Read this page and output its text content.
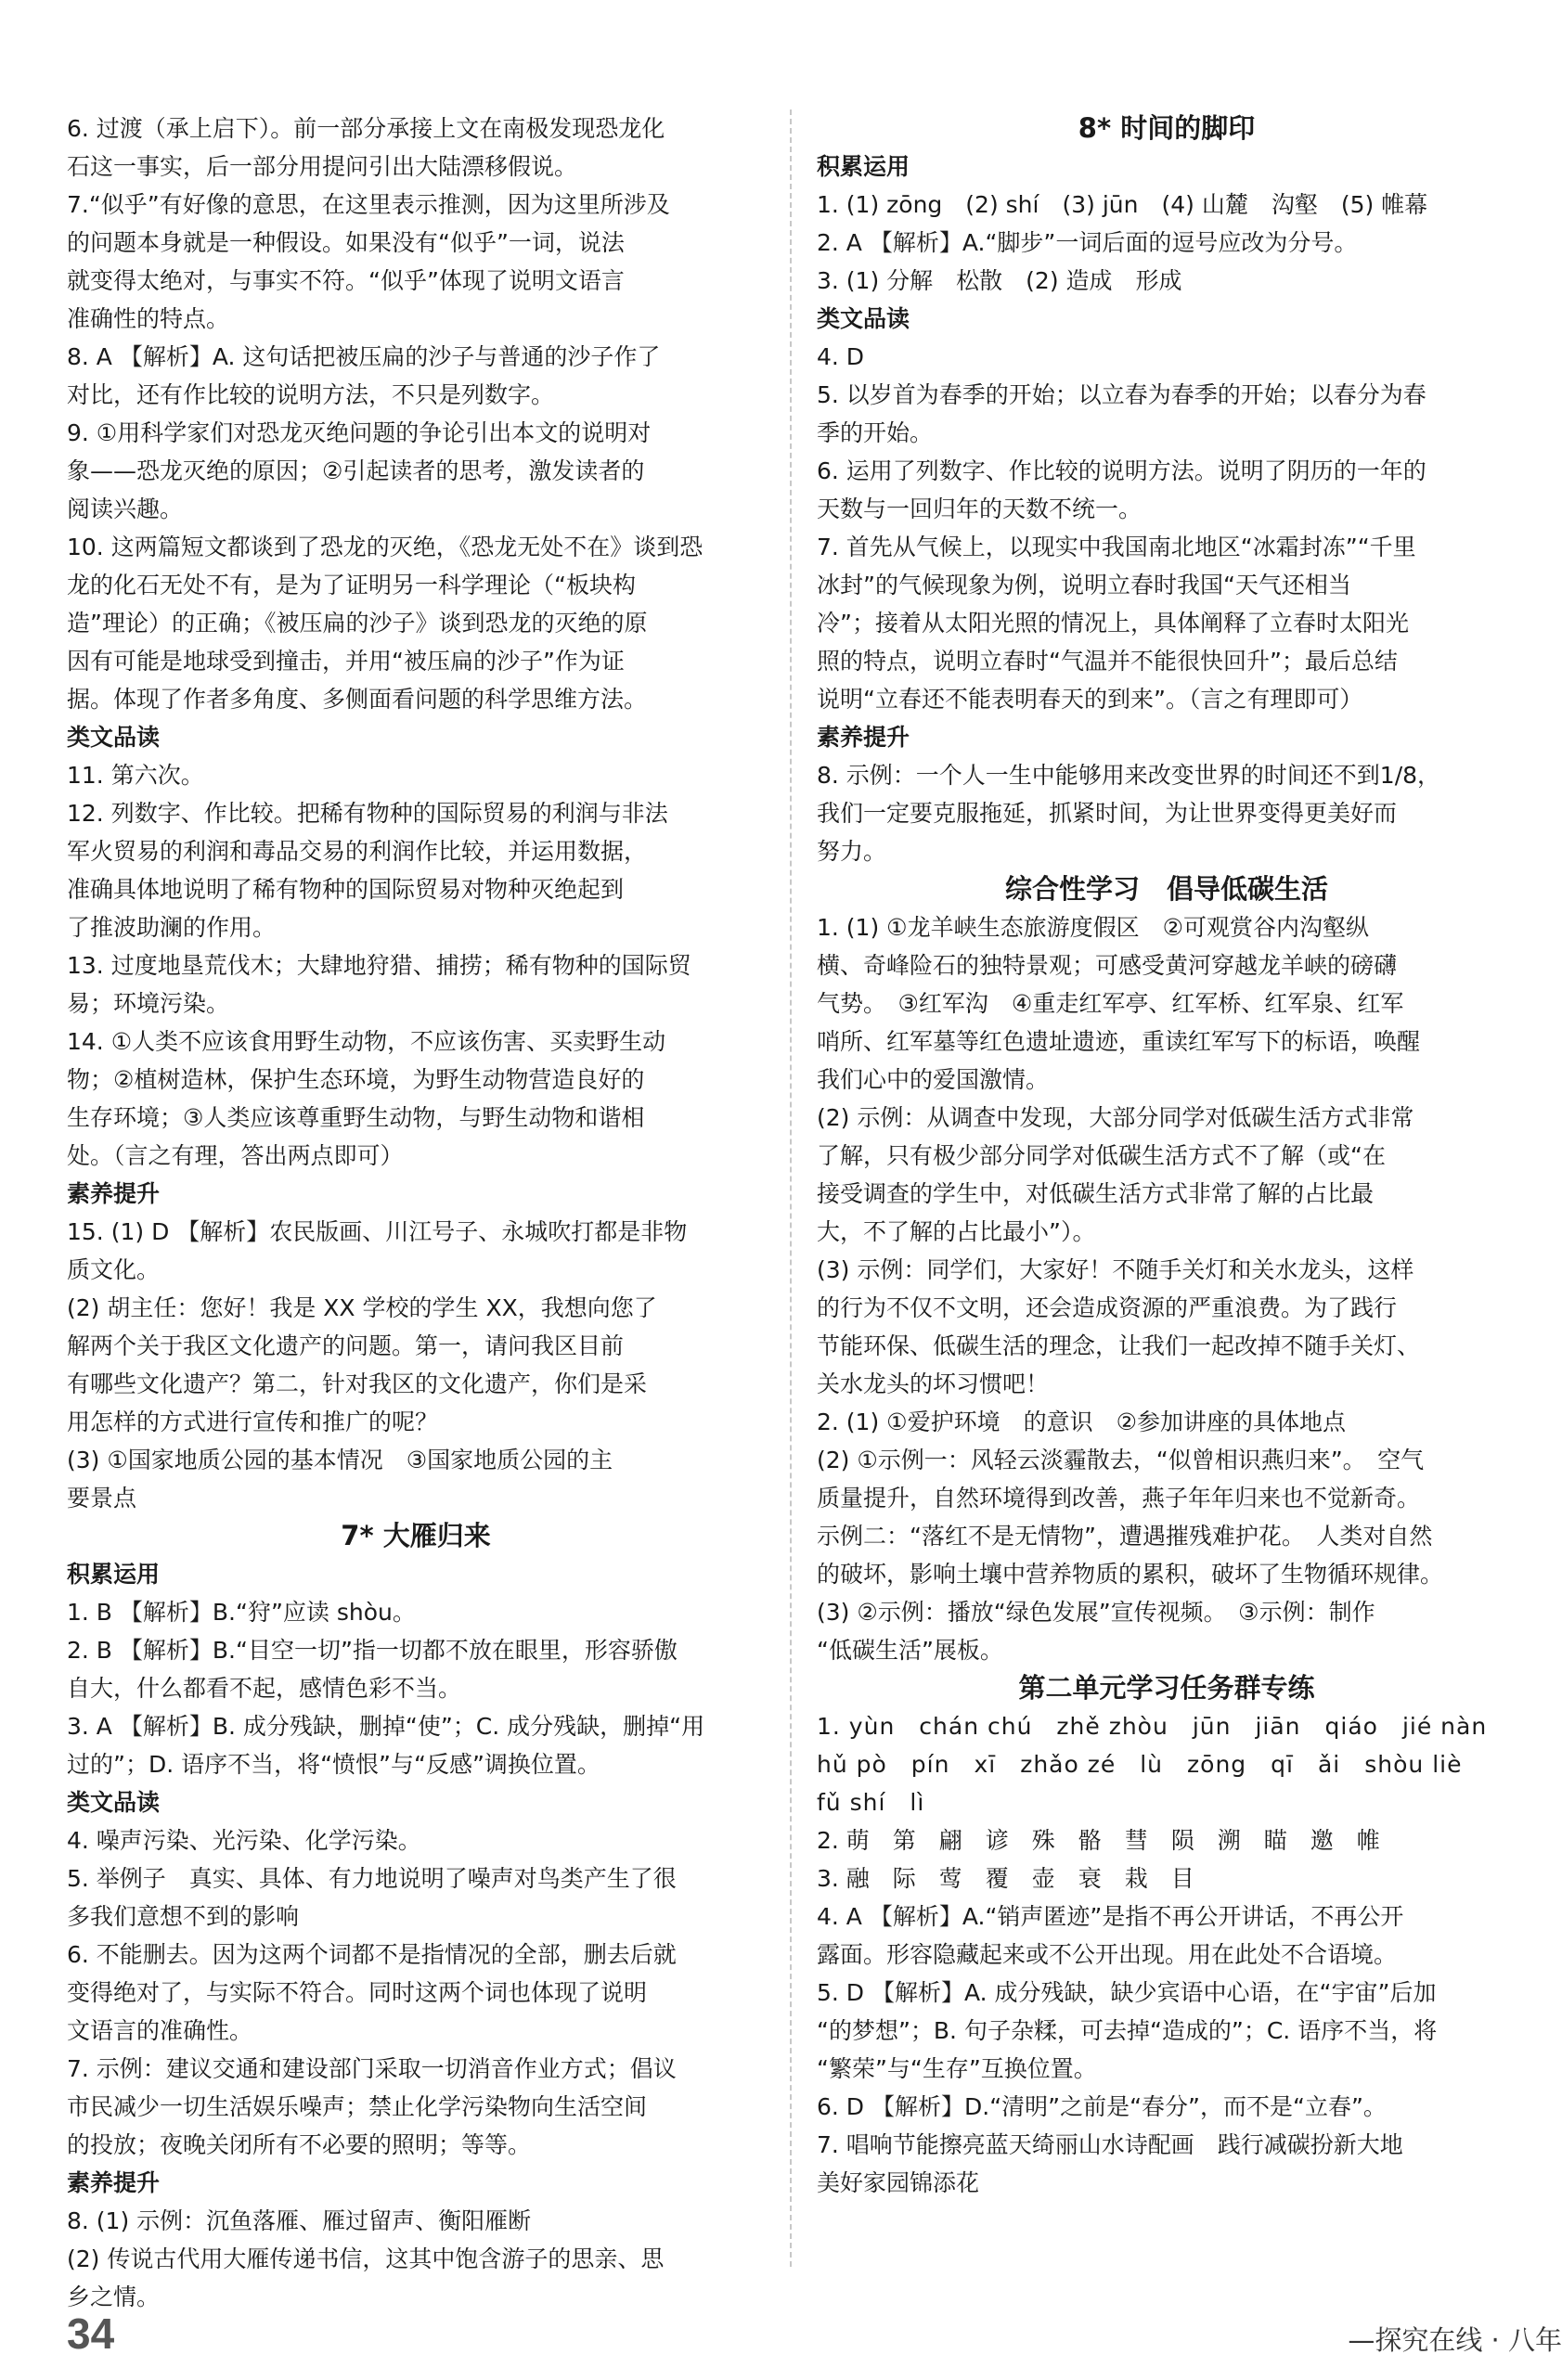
6. 过渡（承上启下）。前一部分承接上文在南极发现恐龙化
石这一事实，后一部分用提问引出大陆漂移假说。
7.“似乎”有好像的意思，在这里表示推测，因为这里所涉及
的问题本身就是一种假设。如果没有“似乎”一词，说法
就变得太绝对，与事实不符。“似乎”体现了说明文语言
准确性的特点。
8. A 【解析】A. 这句话把被压扁的沙子与普通的沙子作了
对比，还有作比较的说明方法，不只是列数字。
9. ①用科学家们对恐龙灭绝问题的争论引出本文的说明对
象——恐龙灭绝的原因；②引起读者的思考，激发读者的
阅读兴趣。
10. 这两篇短文都谈到了恐龙的灭绝，《恐龙无处不在》谈到恐
龙的化石无处不有，是为了证明另一科学理论（“板块构
造”理论）的正确；《被压扁的沙子》谈到恐龙的灭绝的原
因有可能是地球受到撞击，并用“被压扁的沙子”作为证
据。体现了作者多角度、多侧面看问题的科学思维方法。
类文品读
11. 第六次。
12. 列数字、作比较。把稀有物种的国际贸易的利润与非法
军火贸易的利润和毒品交易的利润作比较，并运用数据，
准确具体地说明了稀有物种的国际贸易对物种灭绝起到
了推波助澜的作用。
13. 过度地垦荒伐木；大肆地狩猎、捕捞；稀有物种的国际贸
易；环境污染。
14. ①人类不应该食用野生动物，不应该伤害、买卖野生动
物；②植树造林，保护生态环境，为野生动物营造良好的
生存环境；③人类应该尊重野生动物，与野生动物和谐相
处。（言之有理，答出两点即可）
素养提升
15. (1) D 【解析】农民版画、川江号子、永城吹打都是非物
质文化。
(2) 胡主任：您好！我是 XX 学校的学生 XX，我想向您了
解两个关于我区文化遗产的问题。第一，请问我区目前
有哪些文化遗产？第二，针对我区的文化遗产，你们是采
用怎样的方式进行宣传和推广的呢？
(3) ①国家地质公园的基本情况　③国家地质公园的主
要景点
7* 大雁归来
积累运用
1. B 【解析】B.“狩”应读 shòu。
2. B 【解析】B.“目空一切”指一切都不放在眼里，形容骄傲
自大，什么都看不起，感情色彩不当。
3. A 【解析】B. 成分残缺，删掉“使”；C. 成分残缺，删掉“用
过的”；D. 语序不当，将“愤恨”与“反感”调换位置。
类文品读
4. 噪声污染、光污染、化学污染。
5. 举例子　真实、具体、有力地说明了噪声对鸟类产生了很
多我们意想不到的影响
6. 不能删去。因为这两个词都不是指情况的全部，删去后就
变得绝对了，与实际不符合。同时这两个词也体现了说明
文语言的准确性。
7. 示例：建议交通和建设部门采取一切消音作业方式；倡议
市民减少一切生活娱乐噪声；禁止化学污染物向生活空间
的投放；夜晚关闭所有不必要的照明；等等。
素养提升
8. (1) 示例：沉鱼落雁、雁过留声、衡阳雁断
(2) 传说古代用大雁传递书信，这其中饱含游子的思亲、思
乡之情。
8* 时间的脚印
积累运用
1. (1) zōng　(2) shí　(3) jūn　(4) 山麓　沟壑　(5) 帷幕
2. A 【解析】A.“脚步”一词后面的逗号应改为分号。
3. (1) 分解　松散　(2) 造成　形成
类文品读
4. D
5. 以岁首为春季的开始；以立春为春季的开始；以春分为春
季的开始。
6. 运用了列数字、作比较的说明方法。说明了阴历的一年的
天数与一回归年的天数不统一。
7. 首先从气候上，以现实中我国南北地区“冰霜封冻”“千里
冰封”的气候现象为例，说明立春时我国“天气还相当
冷”；接着从太阳光照的情况上，具体阐释了立春时太阳光
照的特点，说明立春时“气温并不能很快回升”；最后总结
说明“立春还不能表明春天的到来”。（言之有理即可）
素养提升
8. 示例：一个人一生中能够用来改变世界的时间还不到1/8，
我们一定要克服拖延，抓紧时间，为让世界变得更美好而
努力。
综合性学习　倡导低碳生活
1. (1) ①龙羊峡生态旅游度假区　②可观赏谷内沟壑纵
横、奇峰险石的独特景观；可感受黄河穿越龙羊峡的磅礴
气势。　③红军沟　④重走红军亭、红军桥、红军泉、红军
哨所、红军墓等红色遗址遗迹，重读红军写下的标语，唤醒
我们心中的爱国激情。
(2) 示例：从调查中发现，大部分同学对低碳生活方式非常
了解，只有极少部分同学对低碳生活方式不了解（或“在
接受调查的学生中，对低碳生活方式非常了解的占比最
大，不了解的占比最小”）。
(3) 示例：同学们，大家好！不随手关灯和关水龙头，这样
的行为不仅不文明，还会造成资源的严重浪费。为了践行
节能环保、低碳生活的理念，让我们一起改掉不随手关灯、
关水龙头的坏习惯吧！
2. (1) ①爱护环境　的意识　②参加讲座的具体地点
(2) ①示例一：风轻云淡霾散去，“似曾相识燕归来”。　空气
质量提升，自然环境得到改善，燕子年年归来也不觉新奇。
示例二：“落红不是无情物”，遭遇摧残难护花。　人类对自然
的破坏，影响土壤中营养物质的累积，破坏了生物循环规律。
(3) ②示例：播放“绿色发展”宣传视频。　③示例：制作
“低碳生活”展板。
第二单元学习任务群专练
1. yùn　chán chú　zhě zhòu　jūn　jiān　qiáo　jié nàn
hǔ pò　pín　xī　zhǎo zé　lù　zōng　qī　ǎi　shòu liè
fǔ shí　lì
2. 萌　第　翩　谚　殊　骼　彗　陨　溯　瞄　邀　帷
3. 融　际　莺　覆　壶　衰　栽　目
4. A 【解析】A.“销声匿迹”是指不再公开讲话，不再公开
露面。形容隐藏起来或不公开出现。用在此处不合语境。
5. D 【解析】A. 成分残缺，缺少宾语中心语，在“宇宙”后加
“的梦想”；B. 句子杂糅，可去掉“造成的”；C. 语序不当，将
“繁荣”与“生存”互换位置。
6. D 【解析】D.“清明”之前是“春分”，而不是“立春”。
7. 唱响节能擦亮蓝天绮丽山水诗配画　践行减碳扮新大地
美好家园锦添花
34	—探究在线 · 八年
